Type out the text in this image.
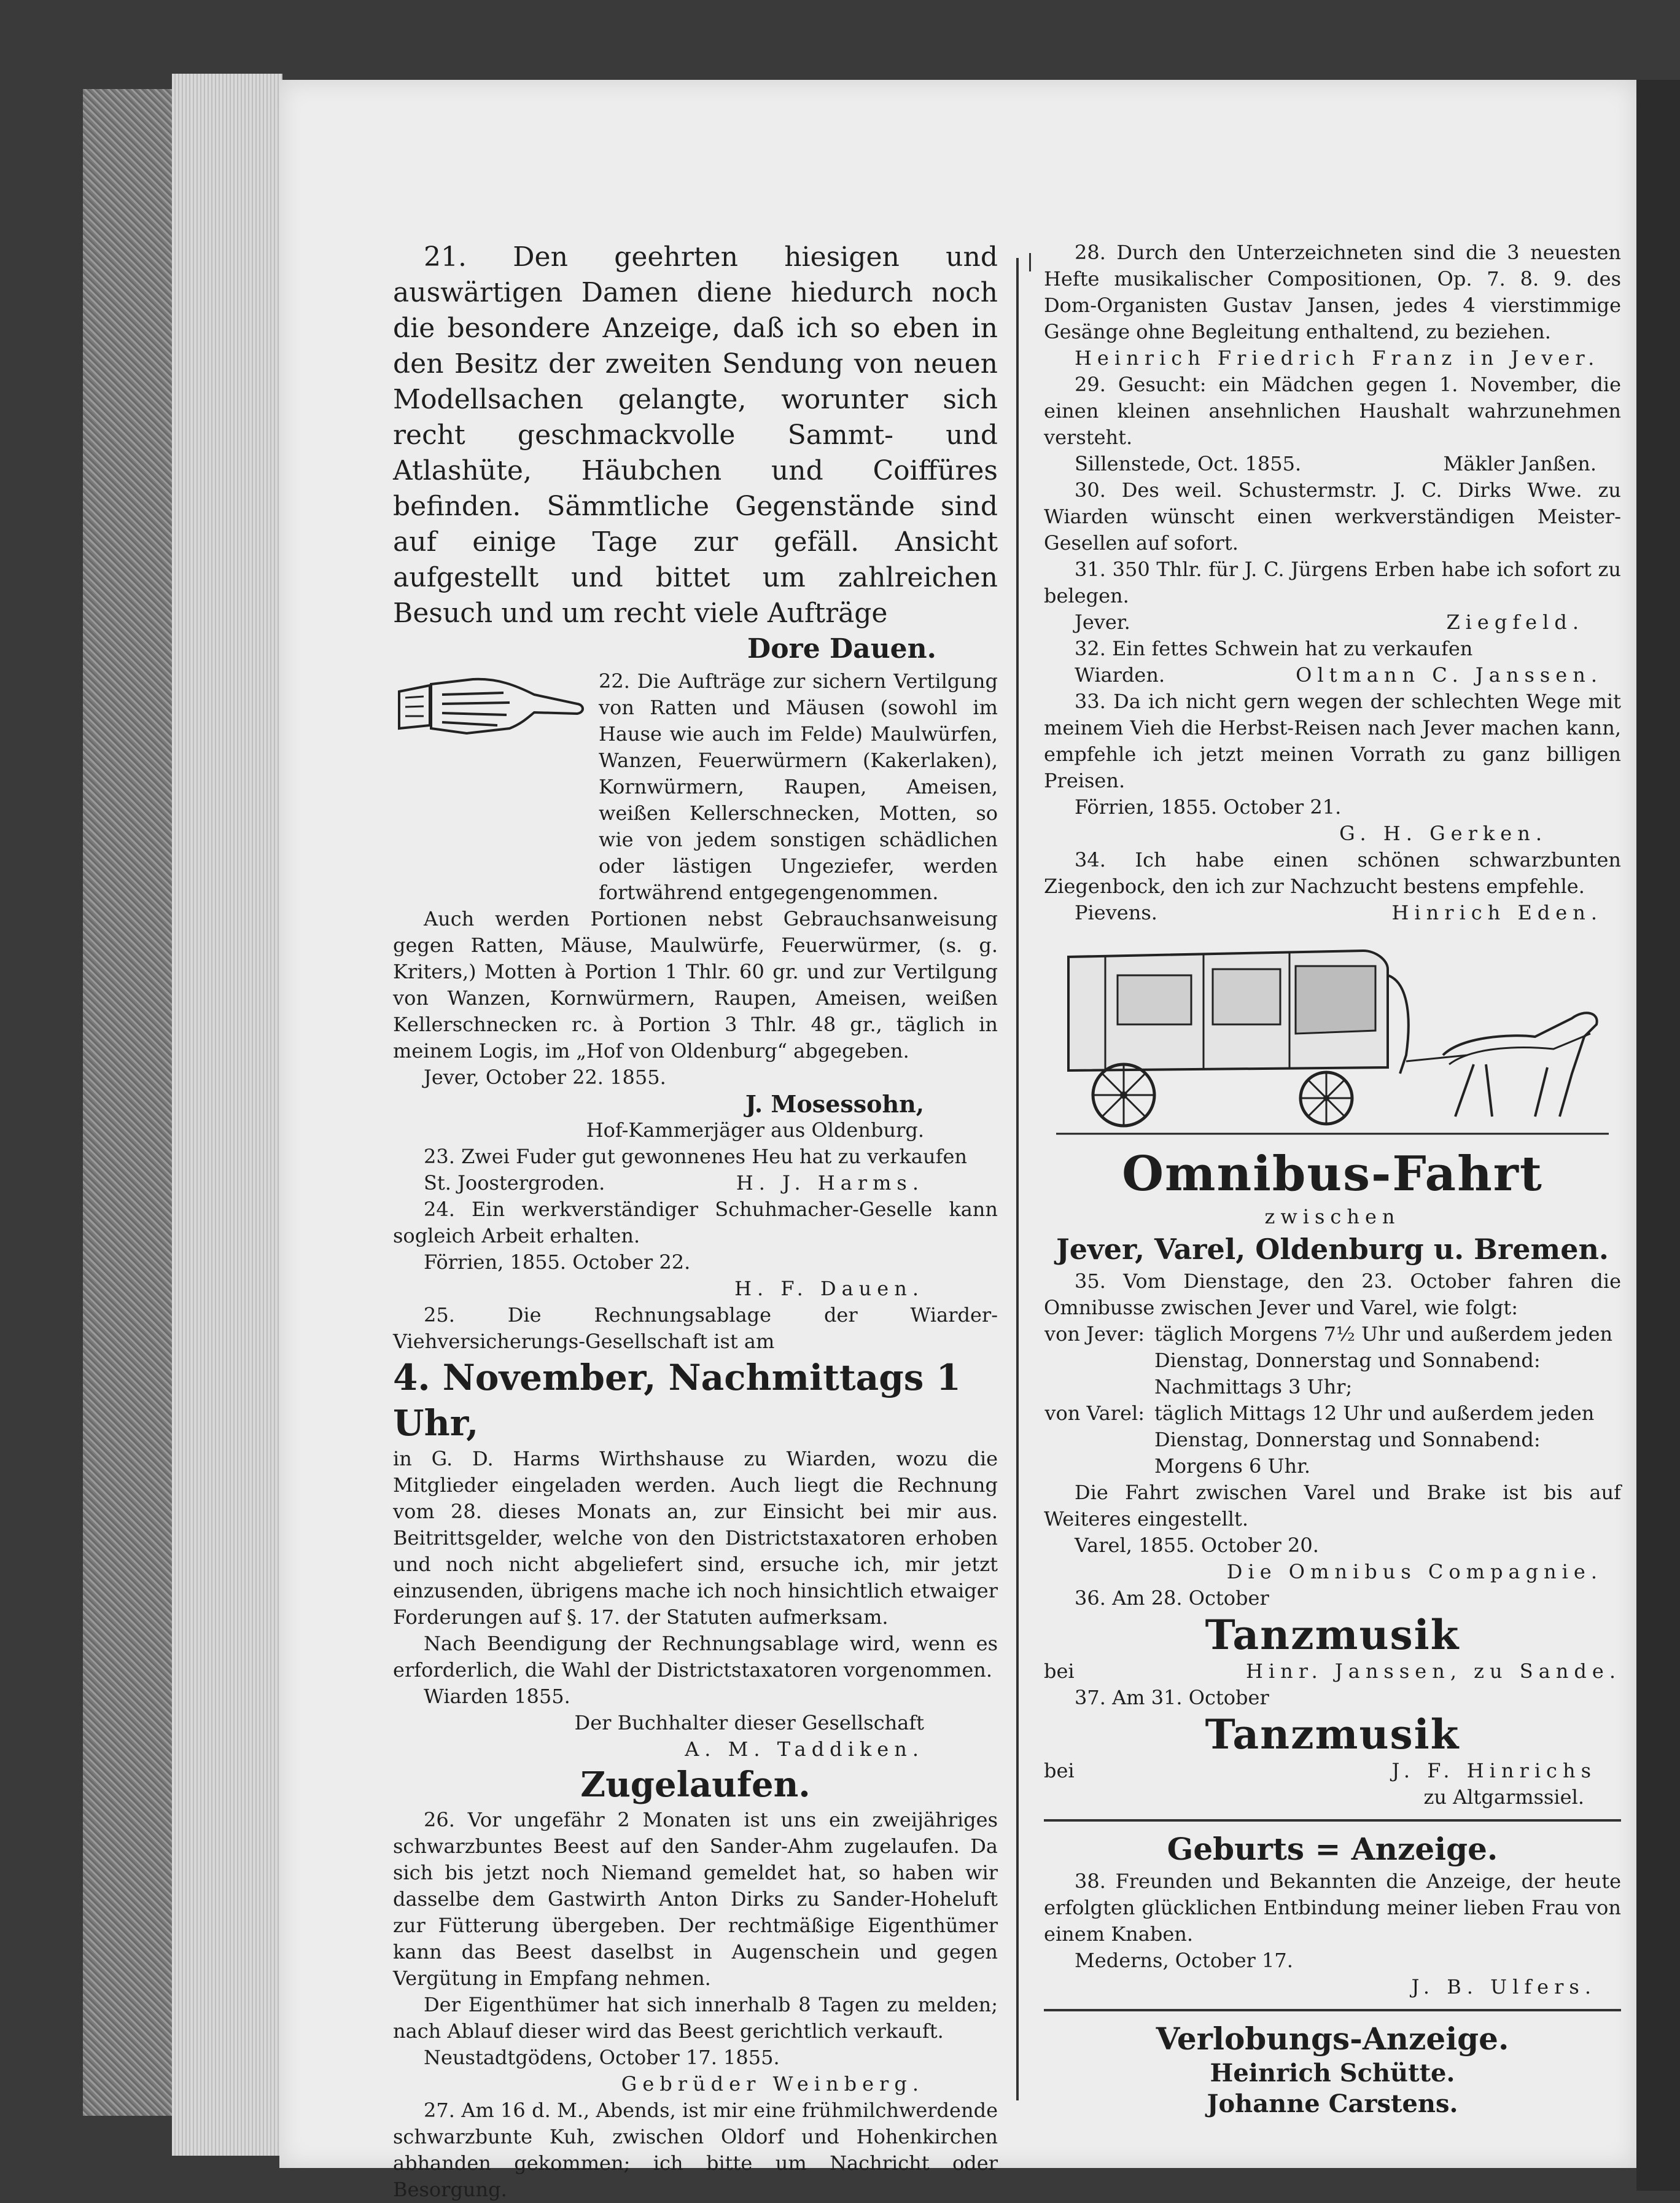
21. Den geehrten hiesigen und auswärtigen Damen diene hiedurch noch die besondere Anzeige, daß ich so eben in den Besitz der zweiten Sendung von neuen Modellsachen gelangte, worunter sich recht geschmackvolle Sammt- und Atlashüte, Häubchen und Coiffüres befinden. Sämmtliche Gegenstände sind auf einige Tage zur gefäll. Ansicht aufgestellt und bittet um zahlreichen Besuch und um recht viele Aufträge

Dore Dauen.

22. Die Aufträge zur sichern Vertilgung von Ratten und Mäusen (sowohl im Hause wie auch im Felde) Maulwürfen, Wanzen, Feuerwürmern (Kakerlaken), Kornwürmern, Raupen, Ameisen, weißen Kellerschnecken, Motten, so wie von jedem sonstigen schädlichen oder lästigen Ungeziefer, werden fortwährend entgegengenommen.

Auch werden Portionen nebst Gebrauchsanweisung gegen Ratten, Mäuse, Maulwürfe, Feuerwürmer, (s. g. Kriters,) Motten à Portion 1 Thlr. 60 gr. und zur Vertilgung von Wanzen, Kornwürmern, Raupen, Ameisen, weißen Kellerschnecken rc. à Portion 3 Thlr. 48 gr., täglich in meinem Logis, im „Hof von Oldenburg“ abgegeben.

Jever, October 22. 1855.

J. Mosessohn,

Hof-Kammerjäger aus Oldenburg.

23. Zwei Fuder gut gewonnenes Heu hat zu verkaufen

St. Joostergroden.	H. J. Harms.

24. Ein werkverständiger Schuhmacher-Geselle kann sogleich Arbeit erhalten.

Förrien, 1855. October 22.

H. F. Dauen.

25. Die Rechnungsablage der Wiarder-Viehversicherungs-Gesellschaft ist am

4. November, Nachmittags 1 Uhr,

in G. D. Harms Wirthshause zu Wiarden, wozu die Mitglieder eingeladen werden. Auch liegt die Rechnung vom 28. dieses Monats an, zur Einsicht bei mir aus. Beitrittsgelder, welche von den Districtstaxatoren erhoben und noch nicht abgeliefert sind, ersuche ich, mir jetzt einzusenden, übrigens mache ich noch hinsichtlich etwaiger Forderungen auf §. 17. der Statuten aufmerksam.

Nach Beendigung der Rechnungsablage wird, wenn es erforderlich, die Wahl der Districtstaxatoren vorgenommen.

Wiarden 1855.

Der Buchhalter dieser Gesellschaft

A. M. Taddiken.

Zugelaufen.

26. Vor ungefähr 2 Monaten ist uns ein zweijähriges schwarzbuntes Beest auf den Sander-Ahm zugelaufen. Da sich bis jetzt noch Niemand gemeldet hat, so haben wir dasselbe dem Gastwirth Anton Dirks zu Sander-Hoheluft zur Fütterung übergeben. Der rechtmäßige Eigenthümer kann das Beest daselbst in Augenschein und gegen Vergütung in Empfang nehmen.

Der Eigenthümer hat sich innerhalb 8 Tagen zu melden; nach Ablauf dieser wird das Beest gerichtlich verkauft.

Neustadtgödens, October 17. 1855.

Gebrüder Weinberg.

27. Am 16 d. M., Abends, ist mir eine frühmilchwerdende schwarzbunte Kuh, zwischen Oldorf und Hohenkirchen abhanden gekommen; ich bitte um Nachricht oder Besorgung.

28. Durch den Unterzeichneten sind die 3 neuesten Hefte musikalischer Compositionen, Op. 7. 8. 9. des Dom-Organisten Gustav Jansen, jedes 4 vierstimmige Gesänge ohne Begleitung enthaltend, zu beziehen.

Heinrich Friedrich Franz in Jever.

29. Gesucht: ein Mädchen gegen 1. November, die einen kleinen ansehnlichen Haushalt wahrzunehmen versteht.

Sillenstede, Oct. 1855.	Mäkler Janßen.

30. Des weil. Schustermstr. J. C. Dirks Wwe. zu Wiarden wünscht einen werkverständigen Meister-Gesellen auf sofort.

31. 350 Thlr. für J. C. Jürgens Erben habe ich sofort zu belegen.

Jever.	Ziegfeld.

32. Ein fettes Schwein hat zu verkaufen

Wiarden.	Oltmann C. Janssen.

33. Da ich nicht gern wegen der schlechten Wege mit meinem Vieh die Herbst-Reisen nach Jever machen kann, empfehle ich jetzt meinen Vorrath zu ganz billigen Preisen.

Förrien, 1855. October 21.

G. H. Gerken.

34. Ich habe einen schönen schwarzbunten Ziegenbock, den ich zur Nachzucht bestens empfehle.

Pievens.	Hinrich Eden.

Omnibus-Fahrt

zwischen

Jever, Varel, Oldenburg u. Bremen.

35. Vom Dienstage, den 23. October fahren die Omnibusse zwischen Jever und Varel, wie folgt:

von Jever: täglich Morgens 7½ Uhr und außerdem jeden Dienstag, Donnerstag und Sonnabend: Nachmittags 3 Uhr;
von Varel: täglich Mittags 12 Uhr und außerdem jeden Dienstag, Donnerstag und Sonnabend: Morgens 6 Uhr.

Die Fahrt zwischen Varel und Brake ist bis auf Weiteres eingestellt.

Varel, 1855. October 20.

Die Omnibus Compagnie.

36. Am 28. October

Tanzmusik

bei	Hinr. Janssen, zu Sande.

37. Am 31. October

Tanzmusik

bei	J. F. Hinrichs

zu Altgarmssiel.

Geburts = Anzeige.

38. Freunden und Bekannten die Anzeige, der heute erfolgten glücklichen Entbindung meiner lieben Frau von einem Knaben.

Mederns, October 17.

J. B. Ulfers.

Verlobungs-Anzeige.

Heinrich Schütte.

Johanne Carstens.
